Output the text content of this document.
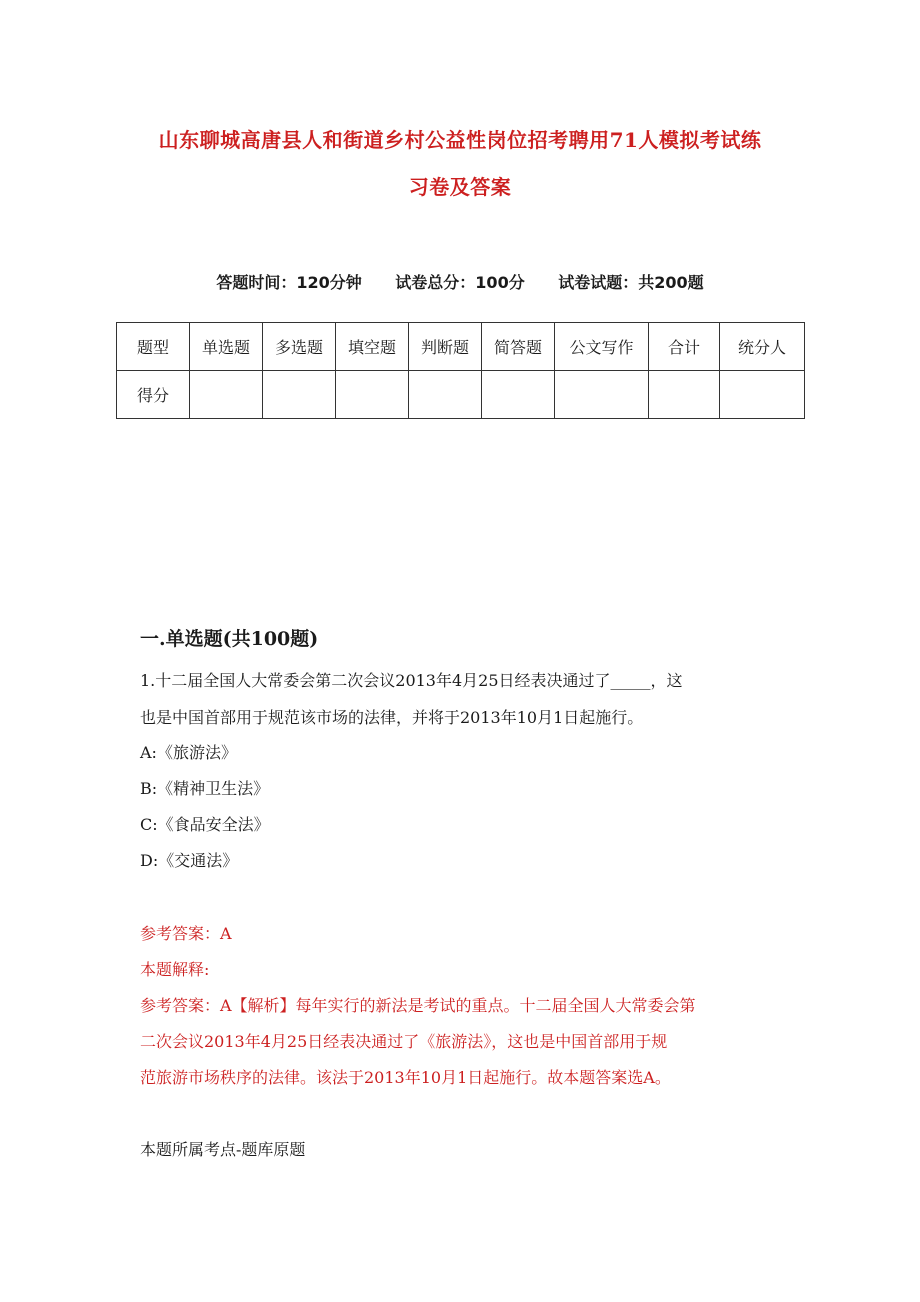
山东聊城高唐县人和街道乡村公益性岗位招考聘用71人模拟考试练
习卷及答案
答题时间：120分钟 试卷总分：100分 试卷试题：共200题
题型	单选题	多选题	填空题	判断题	简答题	公文写作	合计	统分人
得分								
一.单选题(共100题)
1.十二届全国人大常委会第二次会议2013年4月25日经表决通过了_____，这
也是中国首部用于规范该市场的法律，并将于2013年10月1日起施行。
A:《旅游法》
B:《精神卫生法》
C:《食品安全法》
D:《交通法》
参考答案：A
本题解释:
参考答案：A【解析】每年实行的新法是考试的重点。十二届全国人大常委会第
二次会议2013年4月25日经表决通过了《旅游法》，这也是中国首部用于规
范旅游市场秩序的法律。该法于2013年10月1日起施行。故本题答案选A。
本题所属考点-题库原题
